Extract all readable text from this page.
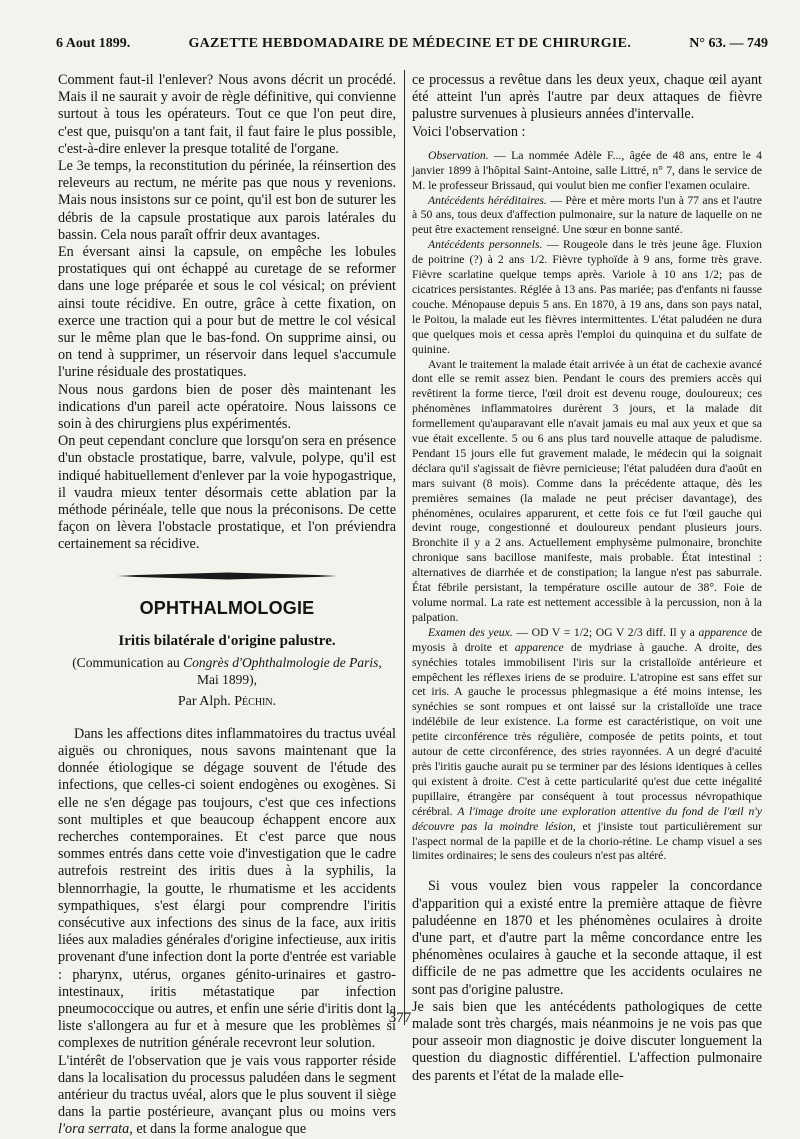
6 Aout 1899.	GAZETTE HEBDOMADAIRE DE MÉDECINE ET DE CHIRURGIE.	N° 63. — 749

Comment faut-il l'enlever? Nous avons décrit un procédé. Mais il ne saurait y avoir de règle définitive, qui convienne surtout à tous les opérateurs. Tout ce que l'on peut dire, c'est que, puisqu'on a tant fait, il faut faire le plus possible, c'est-à-dire enlever la presque totalité de l'organe.

Le 3e temps, la reconstitution du périnée, la réinsertion des releveurs au rectum, ne mérite pas que nous y revenions. Mais nous insistons sur ce point, qu'il est bon de suturer les débris de la capsule prostatique aux parois latérales du bassin. Cela nous paraît offrir deux avantages.

En éversant ainsi la capsule, on empêche les lobules prostatiques qui ont échappé au curetage de se reformer dans une loge préparée et sous le col vésical; on prévient ainsi toute récidive. En outre, grâce à cette fixation, on exerce une traction qui a pour but de mettre le col vésical sur le même plan que le bas-fond. On supprime ainsi, ou on tend à supprimer, un réservoir dans lequel s'accumule l'urine résiduale des prostatiques.

Nous nous gardons bien de poser dès maintenant les indications d'un pareil acte opératoire. Nous laissons ce soin à des chirurgiens plus expérimentés.

On peut cependant conclure que lorsqu'on sera en présence d'un obstacle prostatique, barre, valvule, polype, qu'il est indiqué habituellement d'enlever par la voie hypogastrique, il vaudra mieux tenter désormais cette ablation par la méthode périnéale, telle que nous la préconisons. De cette façon on lèvera l'obstacle prostatique, et l'on préviendra certainement sa récidive.

OPHTHALMOLOGIE
Iritis bilatérale d'origine palustre.
(Communication au Congrès d'Ophthalmologie de Paris,
Mai 1899),
Par Alph. Péchin.

Dans les affections dites inflammatoires du tractus uvéal aiguës ou chroniques, nous savons maintenant que la donnée étiologique se dégage souvent de l'étude des infections, que celles-ci soient endogènes ou exogènes. Si elle ne s'en dégage pas toujours, c'est que ces infections sont multiples et que beaucoup échappent encore aux recherches contemporaines. Et c'est parce que nous sommes entrés dans cette voie d'investigation que le cadre autrefois restreint des iritis dues à la syphilis, la blennorrhagie, la goutte, le rhumatisme et les accidents sympathiques, s'est élargi pour comprendre l'iritis consécutive aux infections des sinus de la face, aux iritis liées aux maladies générales d'origine infectieuse, aux iritis provenant d'une infection dont la porte d'entrée est variable : pharynx, utérus, organes génito-urinaires et gastro-intestinaux, iritis métastatique par infection pneumococcique ou autres, et enfin une série d'iritis dont la liste s'allongera au fur et à mesure que les problèmes si complexes de nutrition générale recevront leur solution.

L'intérêt de l'observation que je vais vous rapporter réside dans la localisation du processus paludéen dans le segment antérieur du tractus uvéal, alors que le plus souvent il siège dans la partie postérieure, avançant plus ou moins vers l'ora serrata, et dans la forme analogue que

ce processus a revêtue dans les deux yeux, chaque œil ayant été atteint l'un après l'autre par deux attaques de fièvre palustre survenues à plusieurs années d'intervalle.

Voici l'observation :

Observation. — La nommée Adèle F..., âgée de 48 ans, entre le 4 janvier 1899 à l'hôpital Saint-Antoine, salle Littré, n° 7, dans le service de M. le professeur Brissaud, qui voulut bien me confier l'examen oculaire.

Antécédents héréditaires. — Père et mère morts l'un à 77 ans et l'autre à 50 ans, tous deux d'affection pulmonaire, sur la nature de laquelle on ne peut être exactement renseigné. Une sœur en bonne santé.

Antécédents personnels. — Rougeole dans le très jeune âge. Fluxion de poitrine (?) à 2 ans 1/2. Fièvre typhoïde à 9 ans, forme très grave. Fièvre scarlatine quelque temps après. Variole à 10 ans 1/2; pas de cicatrices persistantes. Réglée à 13 ans. Pas mariée; pas d'enfants ni fausse couche. Ménopause depuis 5 ans. En 1870, à 19 ans, dans son pays natal, le Poitou, la malade eut les fièvres intermittentes. L'état paludéen ne dura que quelques mois et cessa après l'emploi du quinquina et du sulfate de quinine.

Avant le traitement la malade était arrivée à un état de cachexie avancé dont elle se remit assez bien. Pendant le cours des premiers accès qui revêtirent la forme tierce, l'œil droit est devenu rouge, douloureux; ces phénomènes inflammatoires durèrent 3 jours, et la malade dit formellement qu'auparavant elle n'avait jamais eu mal aux yeux et que sa vue était excellente. 5 ou 6 ans plus tard nouvelle attaque de paludisme. Pendant 15 jours elle fut gravement malade, le médecin qui la soignait déclara qu'il s'agissait de fièvre pernicieuse; l'état paludéen dura d'août en mars suivant (8 mois). Comme dans la précédente attaque, dès les premières semaines (la malade ne peut préciser davantage), des phénomènes, oculaires apparurent, et cette fois ce fut l'œil gauche qui devint rouge, congestionné et douloureux pendant plusieurs jours. Bronchite il y a 2 ans. Actuellement emphysème pulmonaire, bronchite chronique sans bacillose manifeste, mais probable. État intestinal : alternatives de diarrhée et de constipation; la langue n'est pas saburrale. État fébrile persistant, la température oscille autour de 38°. Foie de volume normal. La rate est nettement accessible à la percussion, non à la palpation.

Examen des yeux. — OD V = 1/2; OG V 2/3 diff. Il y a apparence de myosis à droite et apparence de mydriase à gauche. A droite, des synéchies totales immobilisent l'iris sur la cristalloïde antérieure et empêchent les réflexes iriens de se produire. L'atropine est sans effet sur cet iris. A gauche le processus phlegmasique a été moins intense, les synéchies se sont rompues et ont laissé sur la cristalloïde une trace indélébile de leur existence. La forme est caractéristique, on voit une petite circonférence très régulière, composée de petits points, et tout autour de cette circonférence, des stries rayonnées. A un degré d'acuité près l'iritis gauche aurait pu se terminer par des lésions identiques à celles qui existent à droite. C'est à cette particularité qu'est due cette inégalité pupillaire, étrangère par conséquent à tout processus névropathique cérébral. A l'image droite une exploration attentive du fond de l'œil n'y découvre pas la moindre lésion, et j'insiste tout particulièrement sur l'aspect normal de la papille et de la chorio-rétine. Le champ visuel a ses limites ordinaires; le sens des couleurs n'est pas altéré.

Si vous voulez bien vous rappeler la concordance d'apparition qui a existé entre la première attaque de fièvre paludéenne en 1870 et les phénomènes oculaires à droite d'une part, et d'autre part la même concordance entre les phénomènes oculaires à gauche et la seconde attaque, il est difficile de ne pas admettre que les accidents oculaires ne sont pas d'origine palustre.

Je sais bien que les antécédents pathologiques de cette malade sont très chargés, mais néanmoins je ne vois pas que pour asseoir mon diagnostic je doive discuter longuement la question du diagnostic différentiel. L'affection pulmonaire des parents et l'état de la malade elle-

377
